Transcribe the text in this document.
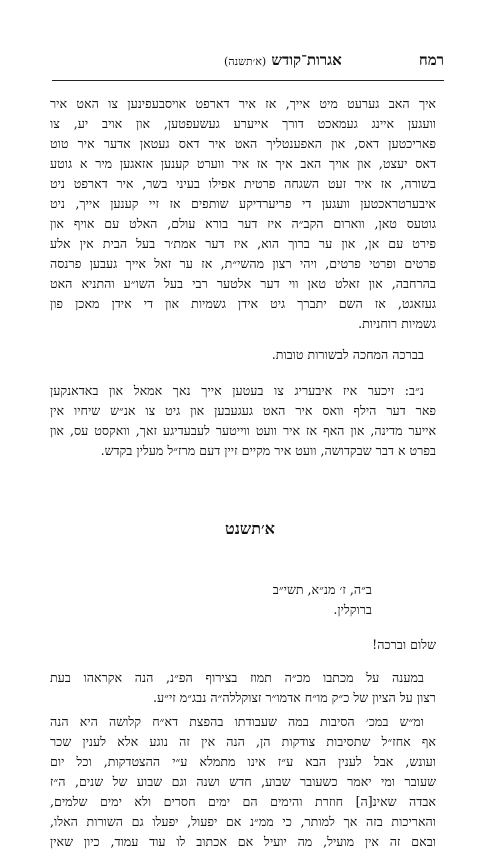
רמח
אגרות־קודש (א׳תשנה)
איך האב גערעט מיט אייך, אז איר דארפט אויסבעפינען צו האט איר
וועגען איינג געמאכט דורך אייערע געשעפטען, און אויב יע, צו
פאריכטען דאס, און האפענטליך האט איר דאס געטאן אדער איר טוט
דאס יעצט, און אויך האב איך אז איר ווערט קענען אזאגען מיר א גוטע
בשורה, אז איר זעט השגחה פרטית אפילו בעיני בשר, איר דארפט ניט
איבערטראכטען וועגען די פריערדיקע שותפים אז זיי קענען אייך, ניט
גוטעס טאן, ווארום הקב״ה איז דער בורא עולם, האלט עם אויף און
פירט עם אן, און ער ברוך הוא, איז דער אמת׳ר בעל הבית אין אלע
פרטים ופרטי פרטים, ויהי רצון מהשי״ת, אז ער זאל אייך געבען פרנסה
בהרחבה, און זאלט טאן ווי דער אלטער רבי בעל השו״ע והתניא האט
געזאגט, אז השם יתברך גיט אידן גשמיות און די אידן מאכן פון
גשמיות רוחניות.
בברכה המחכה לבשורות טובות.
נ״ב: זיכער איז איבעריג צו בעטען אייך נאך אמאל און באדאנקען
פאר דער הילף וואס איר האט געגעבען און גיט צו אנ״ש שיחיו אין
אייער מדינה, און האף אז איר וועט ווייטער לעבעדיגע זאך, וואקסט עס, און
בפרט א דבר שבקדושה, וועט איר מקיים זיין דעם מרז״ל מעלין בקדש.
א׳תשנט
ב״ה, ז׳ מנ״א, תשי״ב
ברוקלין.
שלום וברכה!
במענה על מכתבו מכ״ה תמוז בצירוף הפ״נ, הנה אקראהו בעת
רצון על הציון של כ״ק מו״ח אדמו״ר זצוקללה״ה נבג״מ זי״ע.
ומ״ש במכ׳ הסיבות במה שעבודתו בהפצת דא״ח קלושה היא הנה
אף אחז״ל שתסיבות צודקות הן, הנה אין זה נוגע אלא לענין שכר
ועונש, אבל לענין הבא ע״ז אינו מתמלא ע״י ההצטדקות, וכל יום
שעובר ומי יאמר כשעובר שבוע, חדש ושנה וגם שבוע של שנים, ה״ז
אבדה שאינ[ה] חוזרת והימים הם ימים חסרים ולא ימים שלמים,
והאריכות בזה אך למותר, כי ממ״נ אם יפעול, יפעלו גם השורות האלו,
ובאם זה אין מועיל, מה יועיל אם אכתוב לו עוד עמוד, כיון שאין
